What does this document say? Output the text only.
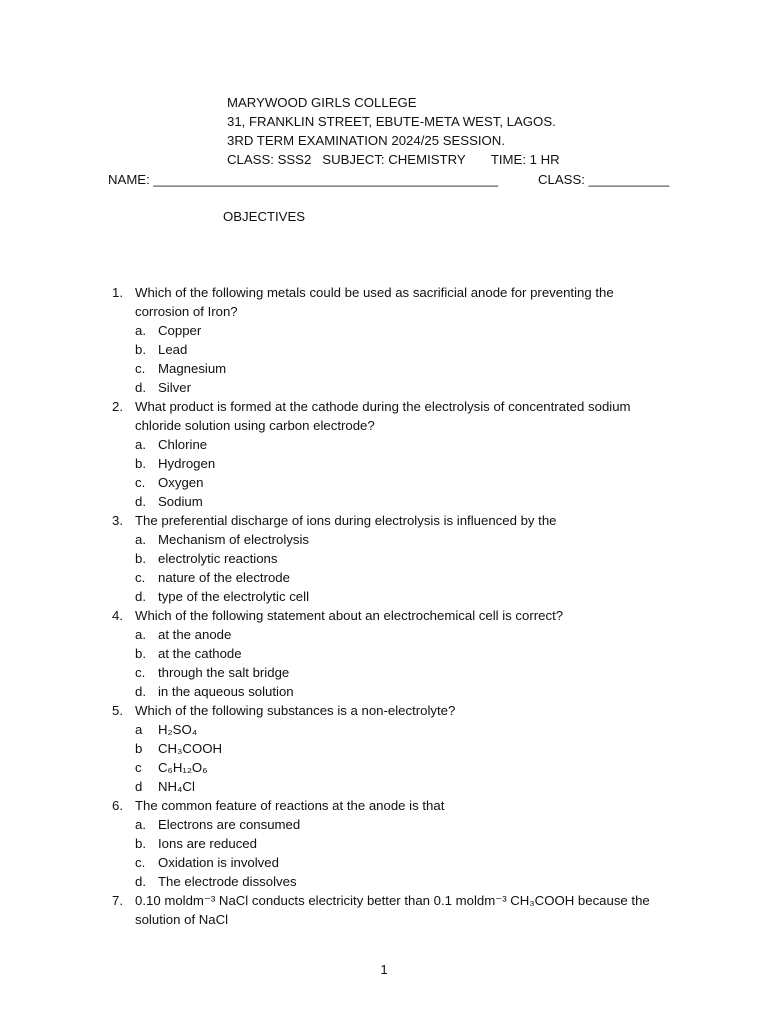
MARYWOOD GIRLS COLLEGE
31, FRANKLIN STREET, EBUTE-META WEST, LAGOS.
3RD TERM EXAMINATION 2024/25 SESSION.
CLASS: SSS2   SUBJECT: CHEMISTRY       TIME: 1 HR
NAME: _______________________________________________	CLASS: ___________
OBJECTIVES
1. Which of the following metals could be used as sacrificial anode for preventing the corrosion of Iron?
a. Copper
b. Lead
c. Magnesium
d. Silver
2. What product is formed at the cathode during the electrolysis of concentrated sodium chloride solution using carbon electrode?
a. Chlorine
b. Hydrogen
c. Oxygen
d. Sodium
3. The preferential discharge of ions during electrolysis is influenced by the
a. Mechanism of electrolysis
b. electrolytic reactions
c. nature of the electrode
d. type of the electrolytic cell
4. Which of the following statement about an electrochemical cell is correct?
a. at the anode
b. at the cathode
c. through the salt bridge
d. in the aqueous solution
5. Which of the following substances is a non-electrolyte?
a H₂SO₄
b CH₃COOH
c C₆H₁₂O₆
d NH₄Cl
6. The common feature of reactions at the anode is that
a. Electrons are consumed
b. Ions are reduced
c. Oxidation is involved
d. The electrode dissolves
7. 0.10 moldm⁻³ NaCl conducts electricity better than 0.1 moldm⁻³ CH₃COOH because the solution of NaCl
1
